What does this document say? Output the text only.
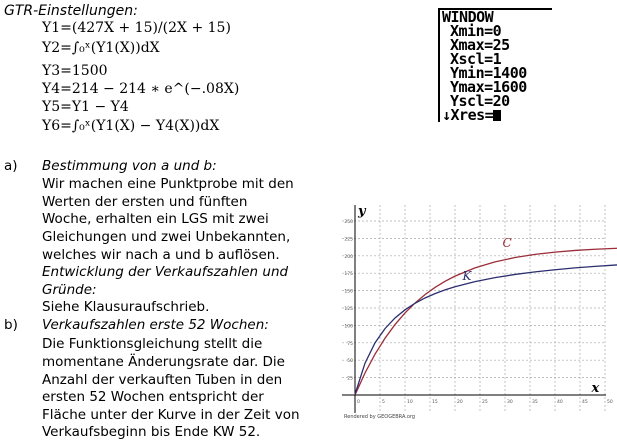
GTR-Einstellungen:
Y1=(427X + 15)/(2X + 15)
Y2=∫₀ˣ(Y1(X))dX
Y3=1500
Y4=214 − 214 ∗ e^(−.08X)
Y5=Y1 − Y4
Y6=∫₀ˣ(Y1(X) − Y4(X))dX
WINDOW
Xmin=0
Xmax=25
Xscl=1
Ymin=1400
Ymax=1600
Yscl=20
↓Xres=
a) Bestimmung von a und b:
Wir machen eine Punktprobe mit den
Werten der ersten und fünften
Woche, erhalten ein LGS mit zwei
Gleichungen und zwei Unbekannten,
welches wir nach a und b auflösen.
Entwicklung der Verkaufszahlen und
Gründe:
Siehe Klausuraufschrieb.
b) Verkaufszahlen erste 52 Wochen:
Die Funktionsgleichung stellt die
momentane Änderungsrate dar. Die
Anzahl der verkauften Tuben in den
ersten 52 Wochen entspricht der
Fläche unter der Kurve in der Zeit von
Verkaufsbeginn bis Ende KW 52.
0	5	10	15	20	25	30	35	40	45	50
25
50
75
100
125
150
175
200
225
250
y
x
Rendered by GEOGEBRA.org
C
K
